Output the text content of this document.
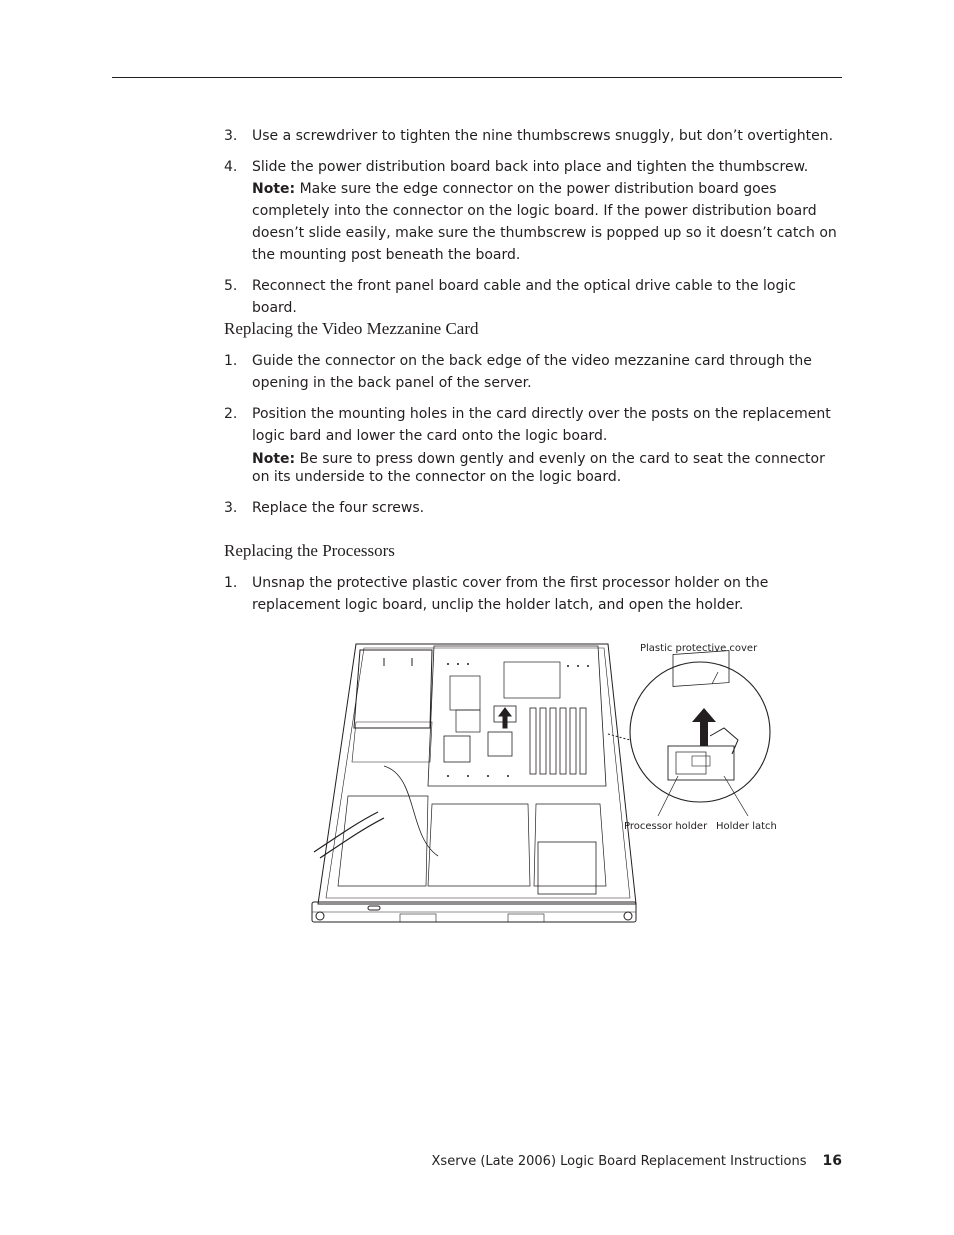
3. Use a screwdriver to tighten the nine thumbscrews snuggly, but don’t overtighten.
4. Slide the power distribution board back into place and tighten the thumbscrew.
Note: Make sure the edge connector on the power distribution board goes completely into the connector on the logic board. If the power distribution board doesn’t slide easily, make sure the thumbscrew is popped up so it doesn’t catch on the mounting post beneath the board.
5. Reconnect the front panel board cable and the optical drive cable to the logic board.
Replacing the Video Mezzanine Card
1. Guide the connector on the back edge of the video mezzanine card through the opening in the back panel of the server.
2. Position the mounting holes in the card directly over the posts on the replacement logic bard and lower the card onto the logic board.
Note: Be sure to press down gently and evenly on the card to seat the connector on its underside to the connector on the logic board.
3. Replace the four screws.
Replacing the Processors
1. Unsnap the protective plastic cover from the first processor holder on the replacement logic board, unclip the holder latch, and open the holder.
Plastic protective cover
Processor holder Holder latch
Xserve (Late 2006) Logic Board Replacement Instructions 16
